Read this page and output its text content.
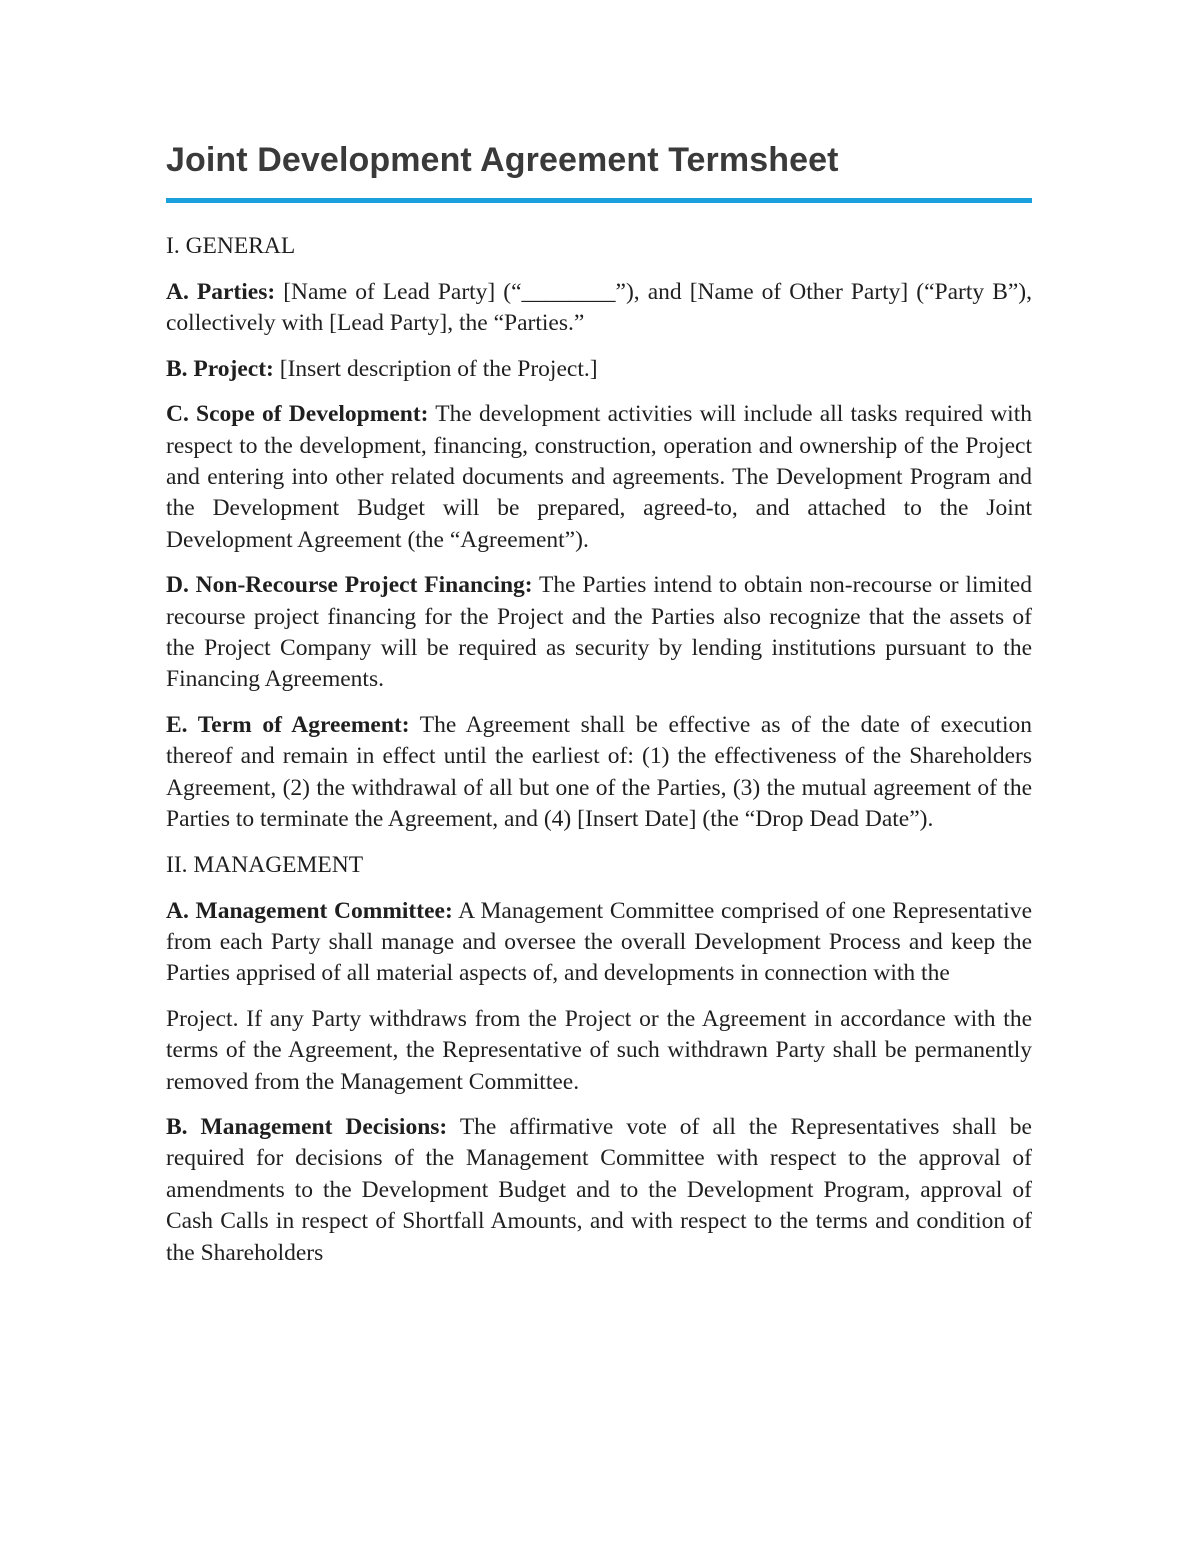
Joint Development Agreement Termsheet

I. GENERAL

A. Parties: [Name of Lead Party] (“________”), and [Name of Other Party] (“Party B”), collectively with [Lead Party], the “Parties.”

B. Project: [Insert description of the Project.]

C. Scope of Development: The development activities will include all tasks required with respect to the development, financing, construction, operation and ownership of the Project and entering into other related documents and agreements. The Development Program and the Development Budget will be prepared, agreed-to, and attached to the Joint Development Agreement (the “Agreement”).

D. Non-Recourse Project Financing: The Parties intend to obtain non-recourse or limited recourse project financing for the Project and the Parties also recognize that the assets of the Project Company will be required as security by lending institutions pursuant to the Financing Agreements.

E. Term of Agreement: The Agreement shall be effective as of the date of execution thereof and remain in effect until the earliest of: (1) the effectiveness of the Shareholders Agreement, (2) the withdrawal of all but one of the Parties, (3) the mutual agreement of the Parties to terminate the Agreement, and (4) [Insert Date] (the “Drop Dead Date”).

II. MANAGEMENT

A. Management Committee: A Management Committee comprised of one Representative from each Party shall manage and oversee the overall Development Process and keep the Parties apprised of all material aspects of, and developments in connection with the

Project. If any Party withdraws from the Project or the Agreement in accordance with the terms of the Agreement, the Representative of such withdrawn Party shall be permanently removed from the Management Committee.

B. Management Decisions: The affirmative vote of all the Representatives shall be required for decisions of the Management Committee with respect to the approval of amendments to the Development Budget and to the Development Program, approval of Cash Calls in respect of Shortfall Amounts, and with respect to the terms and condition of the Shareholders
